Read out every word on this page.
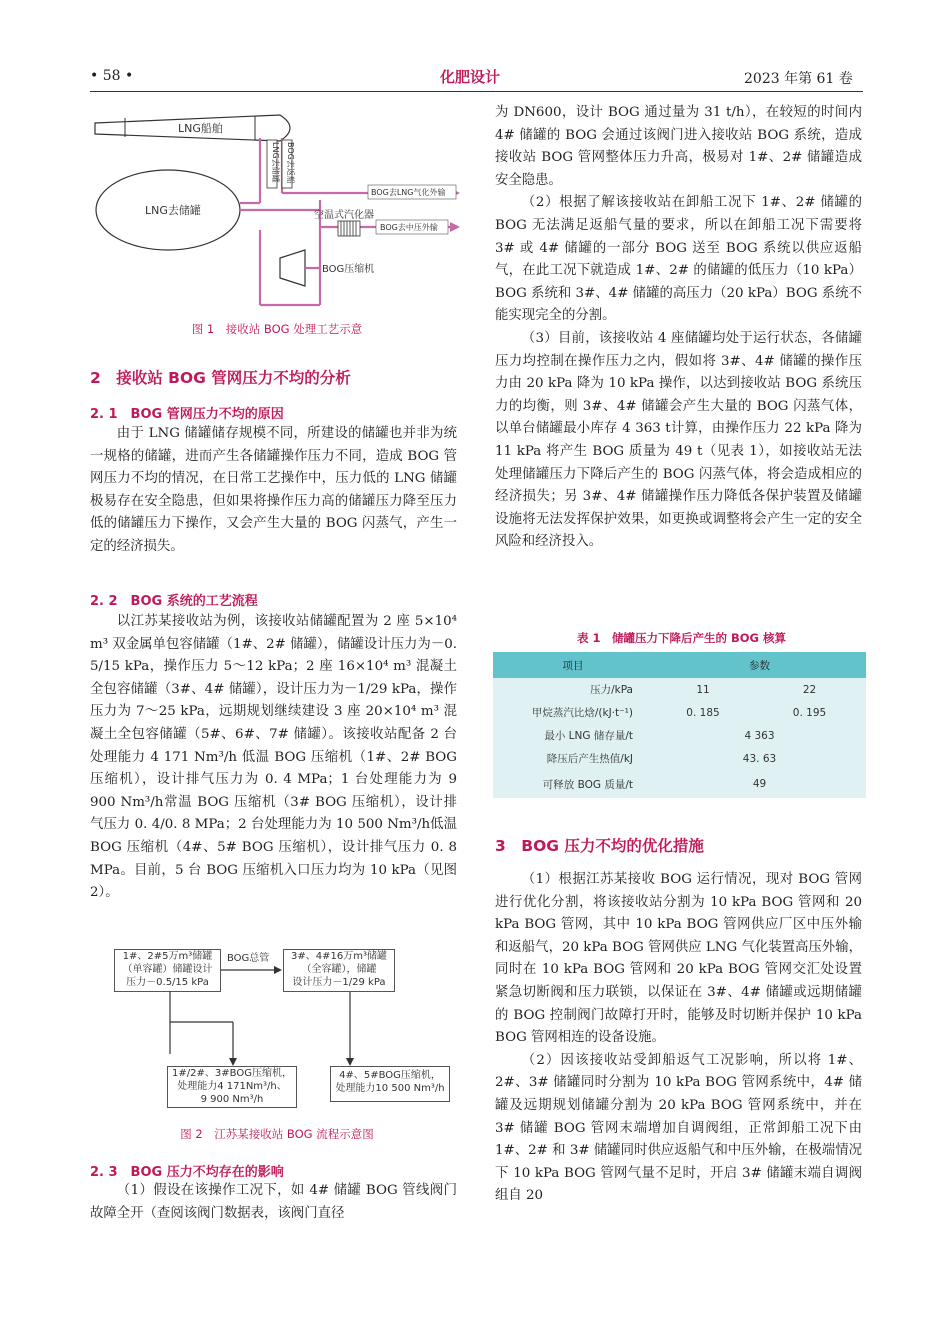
• 58 •	化肥设计	2023 年第 61 卷
LNG船舶
LNG去储罐 BOG去返船
LNG去储罐
BOG去LNG气化外输
空温式汽化器
BOG去中压外输
BOG压缩机
图 1　接收站 BOG 处理工艺示意
2　接收站 BOG 管网压力不均的分析
2. 1　BOG 管网压力不均的原因

由于 LNG 储罐储存规模不同，所建设的储罐也并非为统一规格的储罐，进而产生各储罐操作压力不同，造成 BOG 管网压力不均的情况，在日常工艺操作中，压力低的 LNG 储罐极易存在安全隐患，但如果将操作压力高的储罐压力降至压力低的储罐压力下操作，又会产生大量的 BOG 闪蒸气，产生一定的经济损失。

2. 2　BOG 系统的工艺流程

以江苏某接收站为例，该接收站储罐配置为 2 座 5×10⁴ m³ 双金属单包容储罐（1#、2# 储罐），储罐设计压力为－0. 5/15 kPa，操作压力 5～12 kPa；2 座 16×10⁴ m³ 混凝土全包容储罐（3#、4# 储罐），设计压力为－1/29 kPa，操作压力为 7～25 kPa，远期规划继续建设 3 座 20×10⁴ m³ 混凝土全包容储罐（5#、6#、7# 储罐）。该接收站配备 2 台处理能力 4 171 Nm³/h 低温 BOG 压缩机（1#、2# BOG 压缩机），设计排气压力为 0. 4 MPa；1 台处理能力为 9 900 Nm³/h常温 BOG 压缩机（3# BOG 压缩机），设计排气压力 0. 4/0. 8 MPa；2 台处理能力为 10 500 Nm³/h低温 BOG 压缩机（4#、5# BOG 压缩机），设计排气压力 0. 8 MPa。目前，5 台 BOG 压缩机入口压力均为 10 kPa（见图 2）。

1#、2#5万m³储罐
（单容罐）储罐设计
压力－0.5/15 kPa
BOG总管	3#、4#16万m³储罐
（全容罐），储罐
设计压力－1/29 kPa
1#/2#、3#BOG压缩机，
处理能力4 171Nm³/h、
9 900 Nm³/h
4#、5#BOG压缩机，
处理能力10 500 Nm³/h
图 2　江苏某接收站 BOG 流程示意图
2. 3　BOG 压力不均存在的影响

（1）假设在该操作工况下，如 4# 储罐 BOG 管线阀门故障全开（查阅该阀门数据表，该阀门直径

为 DN600，设计 BOG 通过量为 31 t/h），在较短的时间内 4# 储罐的 BOG 会通过该阀门进入接收站 BOG 系统，造成接收站 BOG 管网整体压力升高，极易对 1#、2# 储罐造成安全隐患。

（2）根据了解该接收站在卸船工况下 1#、2# 储罐的 BOG 无法满足返船气量的要求，所以在卸船工况下需要将 3# 或 4# 储罐的一部分 BOG 送至 BOG 系统以供应返船气，在此工况下就造成 1#、2# 的储罐的低压力（10 kPa）BOG 系统和 3#、4# 储罐的高压力（20 kPa）BOG 系统不能实现完全的分割。

（3）目前，该接收站 4 座储罐均处于运行状态，各储罐压力均控制在操作压力之内，假如将 3#、4# 储罐的操作压力由 20 kPa 降为 10 kPa 操作，以达到接收站 BOG 系统压力的均衡，则 3#、4# 储罐会产生大量的 BOG 闪蒸气体，以单台储罐最小库存 4 363 t计算，由操作压力 22 kPa 降为 11 kPa 将产生 BOG 质量为 49 t（见表 1），如接收站无法处理储罐压力下降后产生的 BOG 闪蒸气体，将会造成相应的经济损失；另 3#、4# 储罐操作压力降低各保护装置及储罐设施将无法发挥保护效果，如更换或调整将会产生一定的安全风险和经济投入。

表 1　储罐压力下降后产生的 BOG 核算
项目	参数	
压力/kPa	11	22
甲烷蒸汽比焓/(kJ·t⁻¹)	0. 185	0. 195
最小 LNG 储存量/t	4 363	
降压后产生热值/kJ	43. 63	
可释放 BOG 质量/t	49	
3　BOG 压力不均的优化措施

（1）根据江苏某接收 BOG 运行情况，现对 BOG 管网进行优化分割，将该接收站分割为 10 kPa BOG 管网和 20 kPa BOG 管网，其中 10 kPa BOG 管网供应厂区中压外输和返船气，20 kPa BOG 管网供应 LNG 气化装置高压外输，同时在 10 kPa BOG 管网和 20 kPa BOG 管网交汇处设置紧急切断阀和压力联锁，以保证在 3#、4# 储罐或远期储罐的 BOG 控制阀门故障打开时，能够及时切断并保护 10 kPa BOG 管网相连的设备设施。

（2）因该接收站受卸船返气工况影响，所以将 1#、2#、3# 储罐同时分割为 10 kPa BOG 管网系统中，4# 储罐及远期规划储罐分割为 20 kPa BOG 管网系统中，并在 3# 储罐 BOG 管网末端增加自调阀组，正常卸船工况下由 1#、2# 和 3# 储罐同时供应返船气和中压外输，在极端情况下 10 kPa BOG 管网气量不足时，开启 3# 储罐末端自调阀组自 20
